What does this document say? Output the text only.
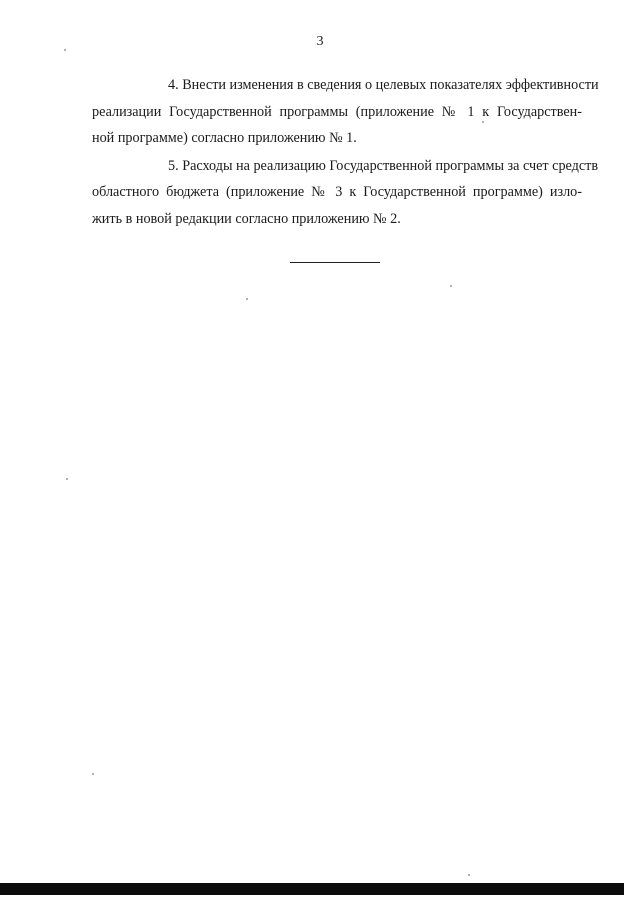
3
4. Внести изменения в сведения о целевых показателях эффективности
реализации Государственной программы (приложение № 1 к Государствен-
ной программе) согласно приложению № 1.
5. Расходы на реализацию Государственной программы за счет средств
областного бюджета (приложение № 3 к Государственной программе) изло-
жить в новой редакции согласно приложению № 2.
